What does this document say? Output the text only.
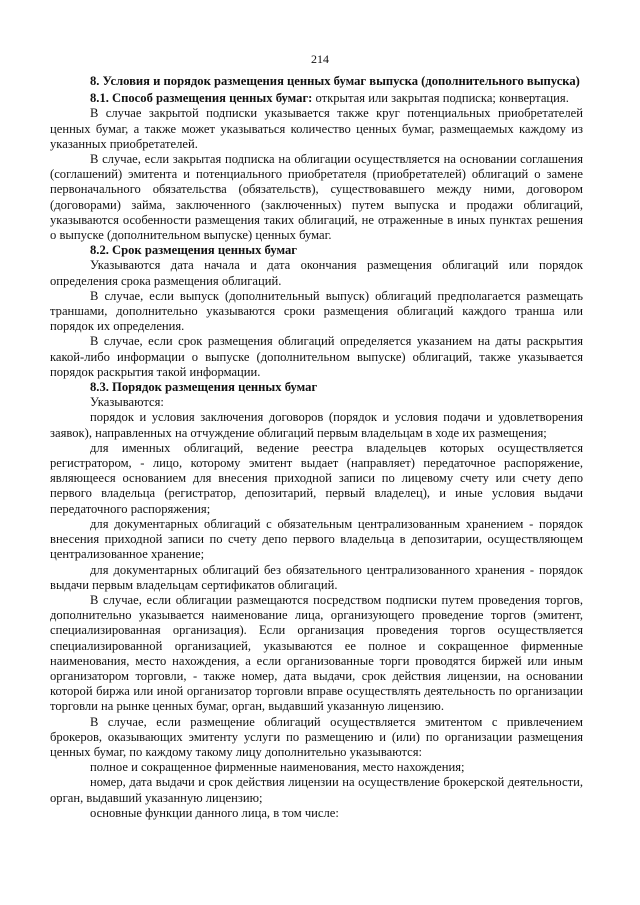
214

8. Условия и порядок размещения ценных бумаг выпуска (дополнительного выпуска)

8.1. Способ размещения ценных бумаг: открытая или закрытая подписка; конвертация.

В случае закрытой подписки указывается также круг потенциальных приобретателей ценных бумаг, а также может указываться количество ценных бумаг, размещаемых каждому из указанных приобретателей.

В случае, если закрытая подписка на облигации осуществляется на основании соглашения (соглашений) эмитента и потенциального приобретателя (приобретателей) облигаций о замене первоначального обязательства (обязательств), существовавшего между ними, договором (договорами) займа, заключенного (заключенных) путем выпуска и продажи облигаций, указываются особенности размещения таких облигаций, не отраженные в иных пунктах решения о выпуске (дополнительном выпуске) ценных бумаг.

8.2. Срок размещения ценных бумаг

Указываются дата начала и дата окончания размещения облигаций или порядок определения срока размещения облигаций.

В случае, если выпуск (дополнительный выпуск) облигаций предполагается размещать траншами, дополнительно указываются сроки размещения облигаций каждого транша или порядок их определения.

В случае, если срок размещения облигаций определяется указанием на даты раскрытия какой-либо информации о выпуске (дополнительном выпуске) облигаций, также указывается порядок раскрытия такой информации.

8.3. Порядок размещения ценных бумаг

Указываются:

порядок и условия заключения договоров (порядок и условия подачи и удовлетворения заявок), направленных на отчуждение облигаций первым владельцам в ходе их размещения;

для именных облигаций, ведение реестра владельцев которых осуществляется регистратором, - лицо, которому эмитент выдает (направляет) передаточное распоряжение, являющееся основанием для внесения приходной записи по лицевому счету или счету депо первого владельца (регистратор, депозитарий, первый владелец), и иные условия выдачи передаточного распоряжения;

для документарных облигаций с обязательным централизованным хранением - порядок внесения приходной записи по счету депо первого владельца в депозитарии, осуществляющем централизованное хранение;

для документарных облигаций без обязательного централизованного хранения - порядок выдачи первым владельцам сертификатов облигаций.

В случае, если облигации размещаются посредством подписки путем проведения торгов, дополнительно указывается наименование лица, организующего проведение торгов (эмитент, специализированная организация). Если организация проведения торгов осуществляется специализированной организацией, указываются ее полное и сокращенное фирменные наименования, место нахождения, а если организованные торги проводятся биржей или иным организатором торговли, - также номер, дата выдачи, срок действия лицензии, на основании которой биржа или иной организатор торговли вправе осуществлять деятельность по организации торговли на рынке ценных бумаг, орган, выдавший указанную лицензию.

В случае, если размещение облигаций осуществляется эмитентом с привлечением брокеров, оказывающих эмитенту услуги по размещению и (или) по организации размещения ценных бумаг, по каждому такому лицу дополнительно указываются:

полное и сокращенное фирменные наименования, место нахождения;

номер, дата выдачи и срок действия лицензии на осуществление брокерской деятельности, орган, выдавший указанную лицензию;

основные функции данного лица, в том числе:
